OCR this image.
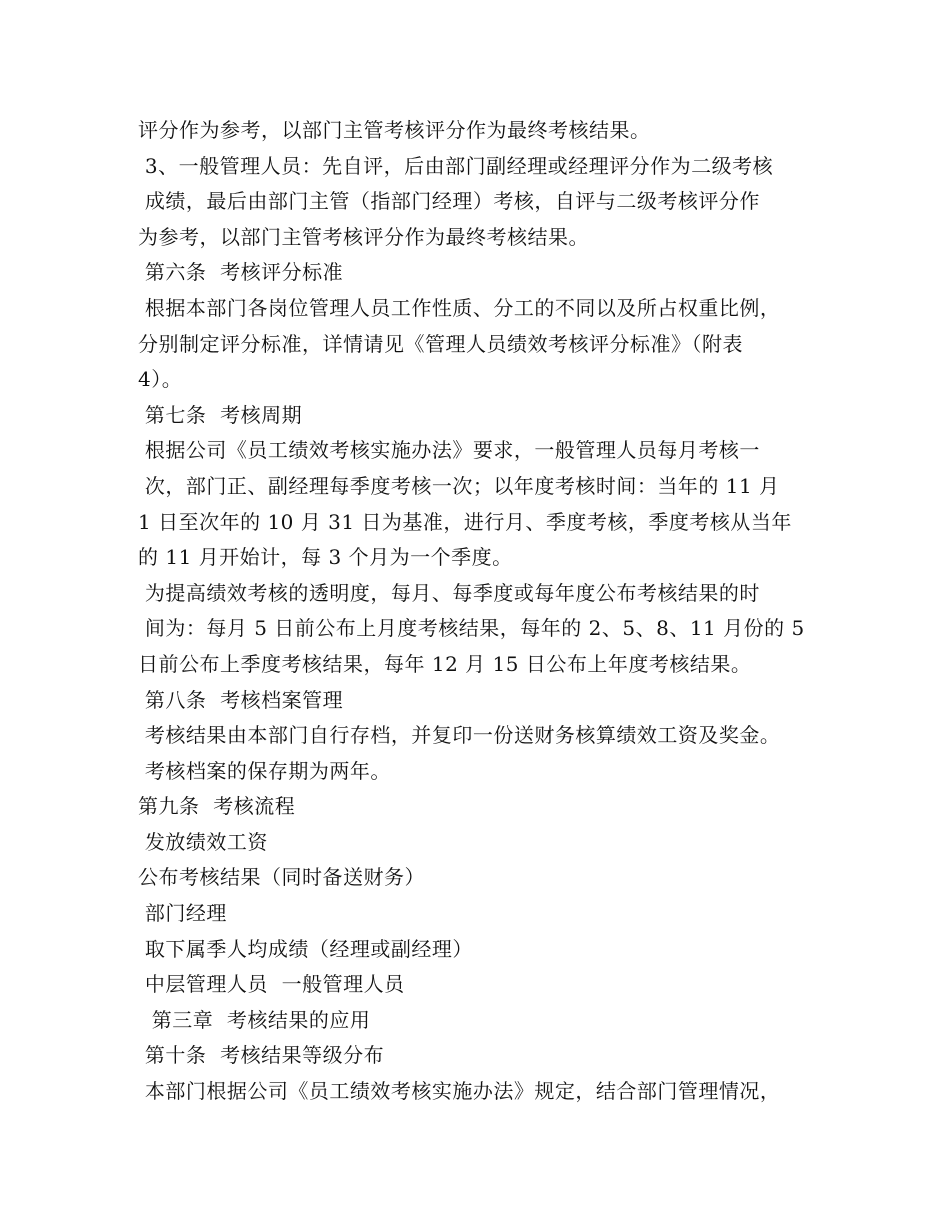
评分作为参考，以部门主管考核评分作为最终考核结果。
3、一般管理人员：先自评，后由部门副经理或经理评分作为二级考核
成绩，最后由部门主管（指部门经理）考核，自评与二级考核评分作
为参考，以部门主管考核评分作为最终考核结果。
第六条  考核评分标准
根据本部门各岗位管理人员工作性质、分工的不同以及所占权重比例，
分别制定评分标准，详情请见《管理人员绩效考核评分标准》（附表
4）。
第七条  考核周期
根据公司《员工绩效考核实施办法》要求，一般管理人员每月考核一
次，部门正、副经理每季度考核一次；以年度考核时间：当年的 11 月
1 日至次年的 10 月 31 日为基准，进行月、季度考核，季度考核从当年
的 11 月开始计，每 3 个月为一个季度。
为提高绩效考核的透明度，每月、每季度或每年度公布考核结果的时
间为：每月 5 日前公布上月度考核结果，每年的 2、5、8、11 月份的 5
日前公布上季度考核结果，每年 12 月 15 日公布上年度考核结果。
第八条  考核档案管理
考核结果由本部门自行存档，并复印一份送财务核算绩效工资及奖金。
考核档案的保存期为两年。
第九条  考核流程
发放绩效工资
公布考核结果（同时备送财务）
部门经理
取下属季人均成绩（经理或副经理）
中层管理人员  一般管理人员
第三章  考核结果的应用
第十条  考核结果等级分布
本部门根据公司《员工绩效考核实施办法》规定，结合部门管理情况，
